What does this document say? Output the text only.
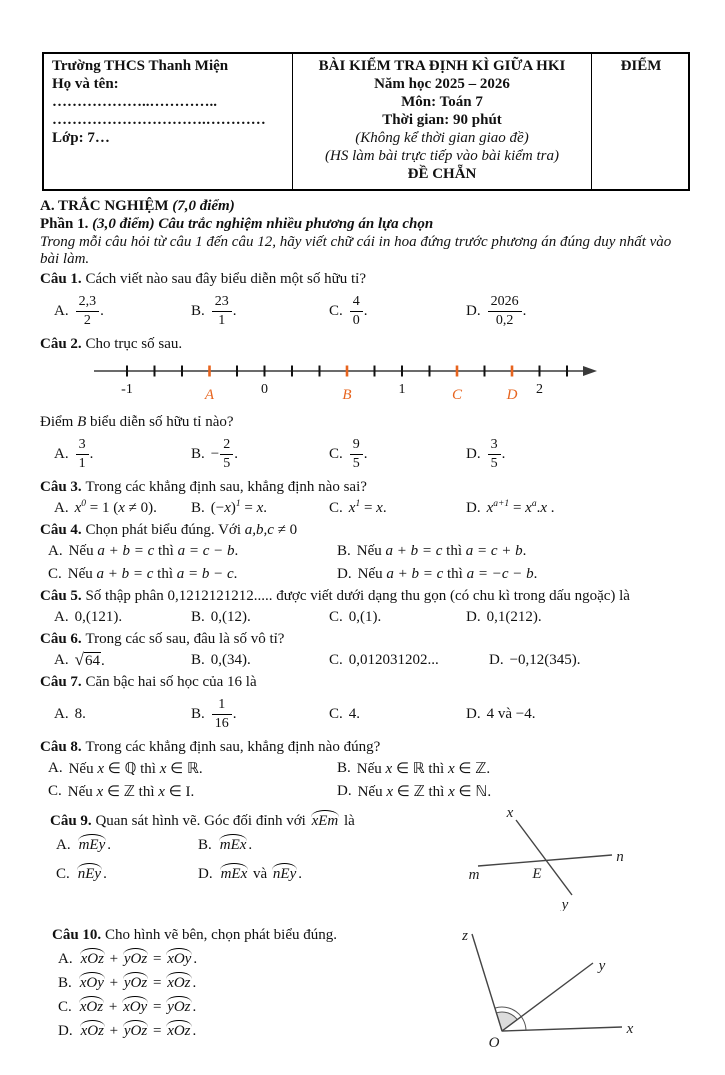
Trường THCS Thanh Miện
Họ và tên: ………………..…………..
………………………….…………
Lớp: 7…
BÀI KIỂM TRA ĐỊNH KÌ GIỮA HKI
Năm học 2025 – 2026
Môn: Toán 7
Thời gian: 90 phút
(Không kể thời gian giao đề)
(HS làm bài trực tiếp vào bài kiểm tra)
ĐỀ CHẴN
ĐIỂM
A. TRẮC NGHIỆM (7,0 điểm)
Phần 1. (3,0 điểm) Câu trắc nghiệm nhiều phương án lựa chọn
Trong mỗi câu hỏi từ câu 1 đến câu 12, hãy viết chữ cái in hoa đứng trước phương án đúng duy nhất vào bài làm.
Câu 1. Cách viết nào sau đây biểu diễn một số hữu tỉ?
A. $\frac{2,3}{2}$ .	B. $\frac{23}{1}$ .	C. $\frac{4}{0}$ .	D. $\frac{2026}{0,2}$ .
Câu 2. Cho trục số sau.
-1	0	1	2
A	B	C	D
Điểm B biểu diễn số hữu tỉ nào?
A. $\frac{3}{1}$ .	B. − $\frac{2}{5}$ .	C. $\frac{9}{5}$ .	D. $\frac{3}{5}$ .
Câu 3. Trong các khẳng định sau, khẳng định nào sai?
A. $x^0 = 1$ (x ≠ 0). B. $(-x)^1 = x$.	C. $x^1 = x$.	D. $x^{a+1} = x^a.x$ .
Câu 4. Chọn phát biểu đúng. Với a,b,c ≠ 0
A. Nếu a + b = c thì a = c − b.	B. Nếu a + b = c thì a = c + b.
C. Nếu a + b = c thì a = b − c.	D. Nếu a + b = c thì a = −c − b.
Câu 5. Số thập phân 0,1212121212..... được viết dưới dạng thu gọn (có chu kì trong dấu ngoặc) là
A. 0,(121).	B. 0,(12).	C. 0,(1).	D. 0,1(212).
Câu 6. Trong các số sau, đâu là số vô tỉ?
A. √64.	B. 0,(34).	C. 0,012031202...	D. −0,12(345).
Câu 7. Căn bậc hai số học của 16 là
A. 8.	B. $\frac{1}{16}$ .	C. 4.	D. 4 và −4.
Câu 8. Trong các khẳng định sau, khẳng định nào đúng?
A. Nếu x ∈ ℚ thì x ∈ ℝ.	B. Nếu x ∈ ℝ thì x ∈ ℤ.
C. Nếu x ∈ ℤ thì x ∈ I.	D. Nếu x ∈ ℤ thì x ∈ ℕ.
Câu 9. Quan sát hình vẽ. Góc đối đỉnh với xEm là
A. mEy .	B. mEx .
C. nEy .	D. mEx và nEy .
x
m	E
n
y
Câu 10. Cho hình vẽ bên, chọn phát biểu đúng.
A. xOz + yOz = xOy .
B. xOy + yOz = xOz .
C. xOz + xOy = yOz .
D. xOz + yOz = xOz .
z
y
x
O
